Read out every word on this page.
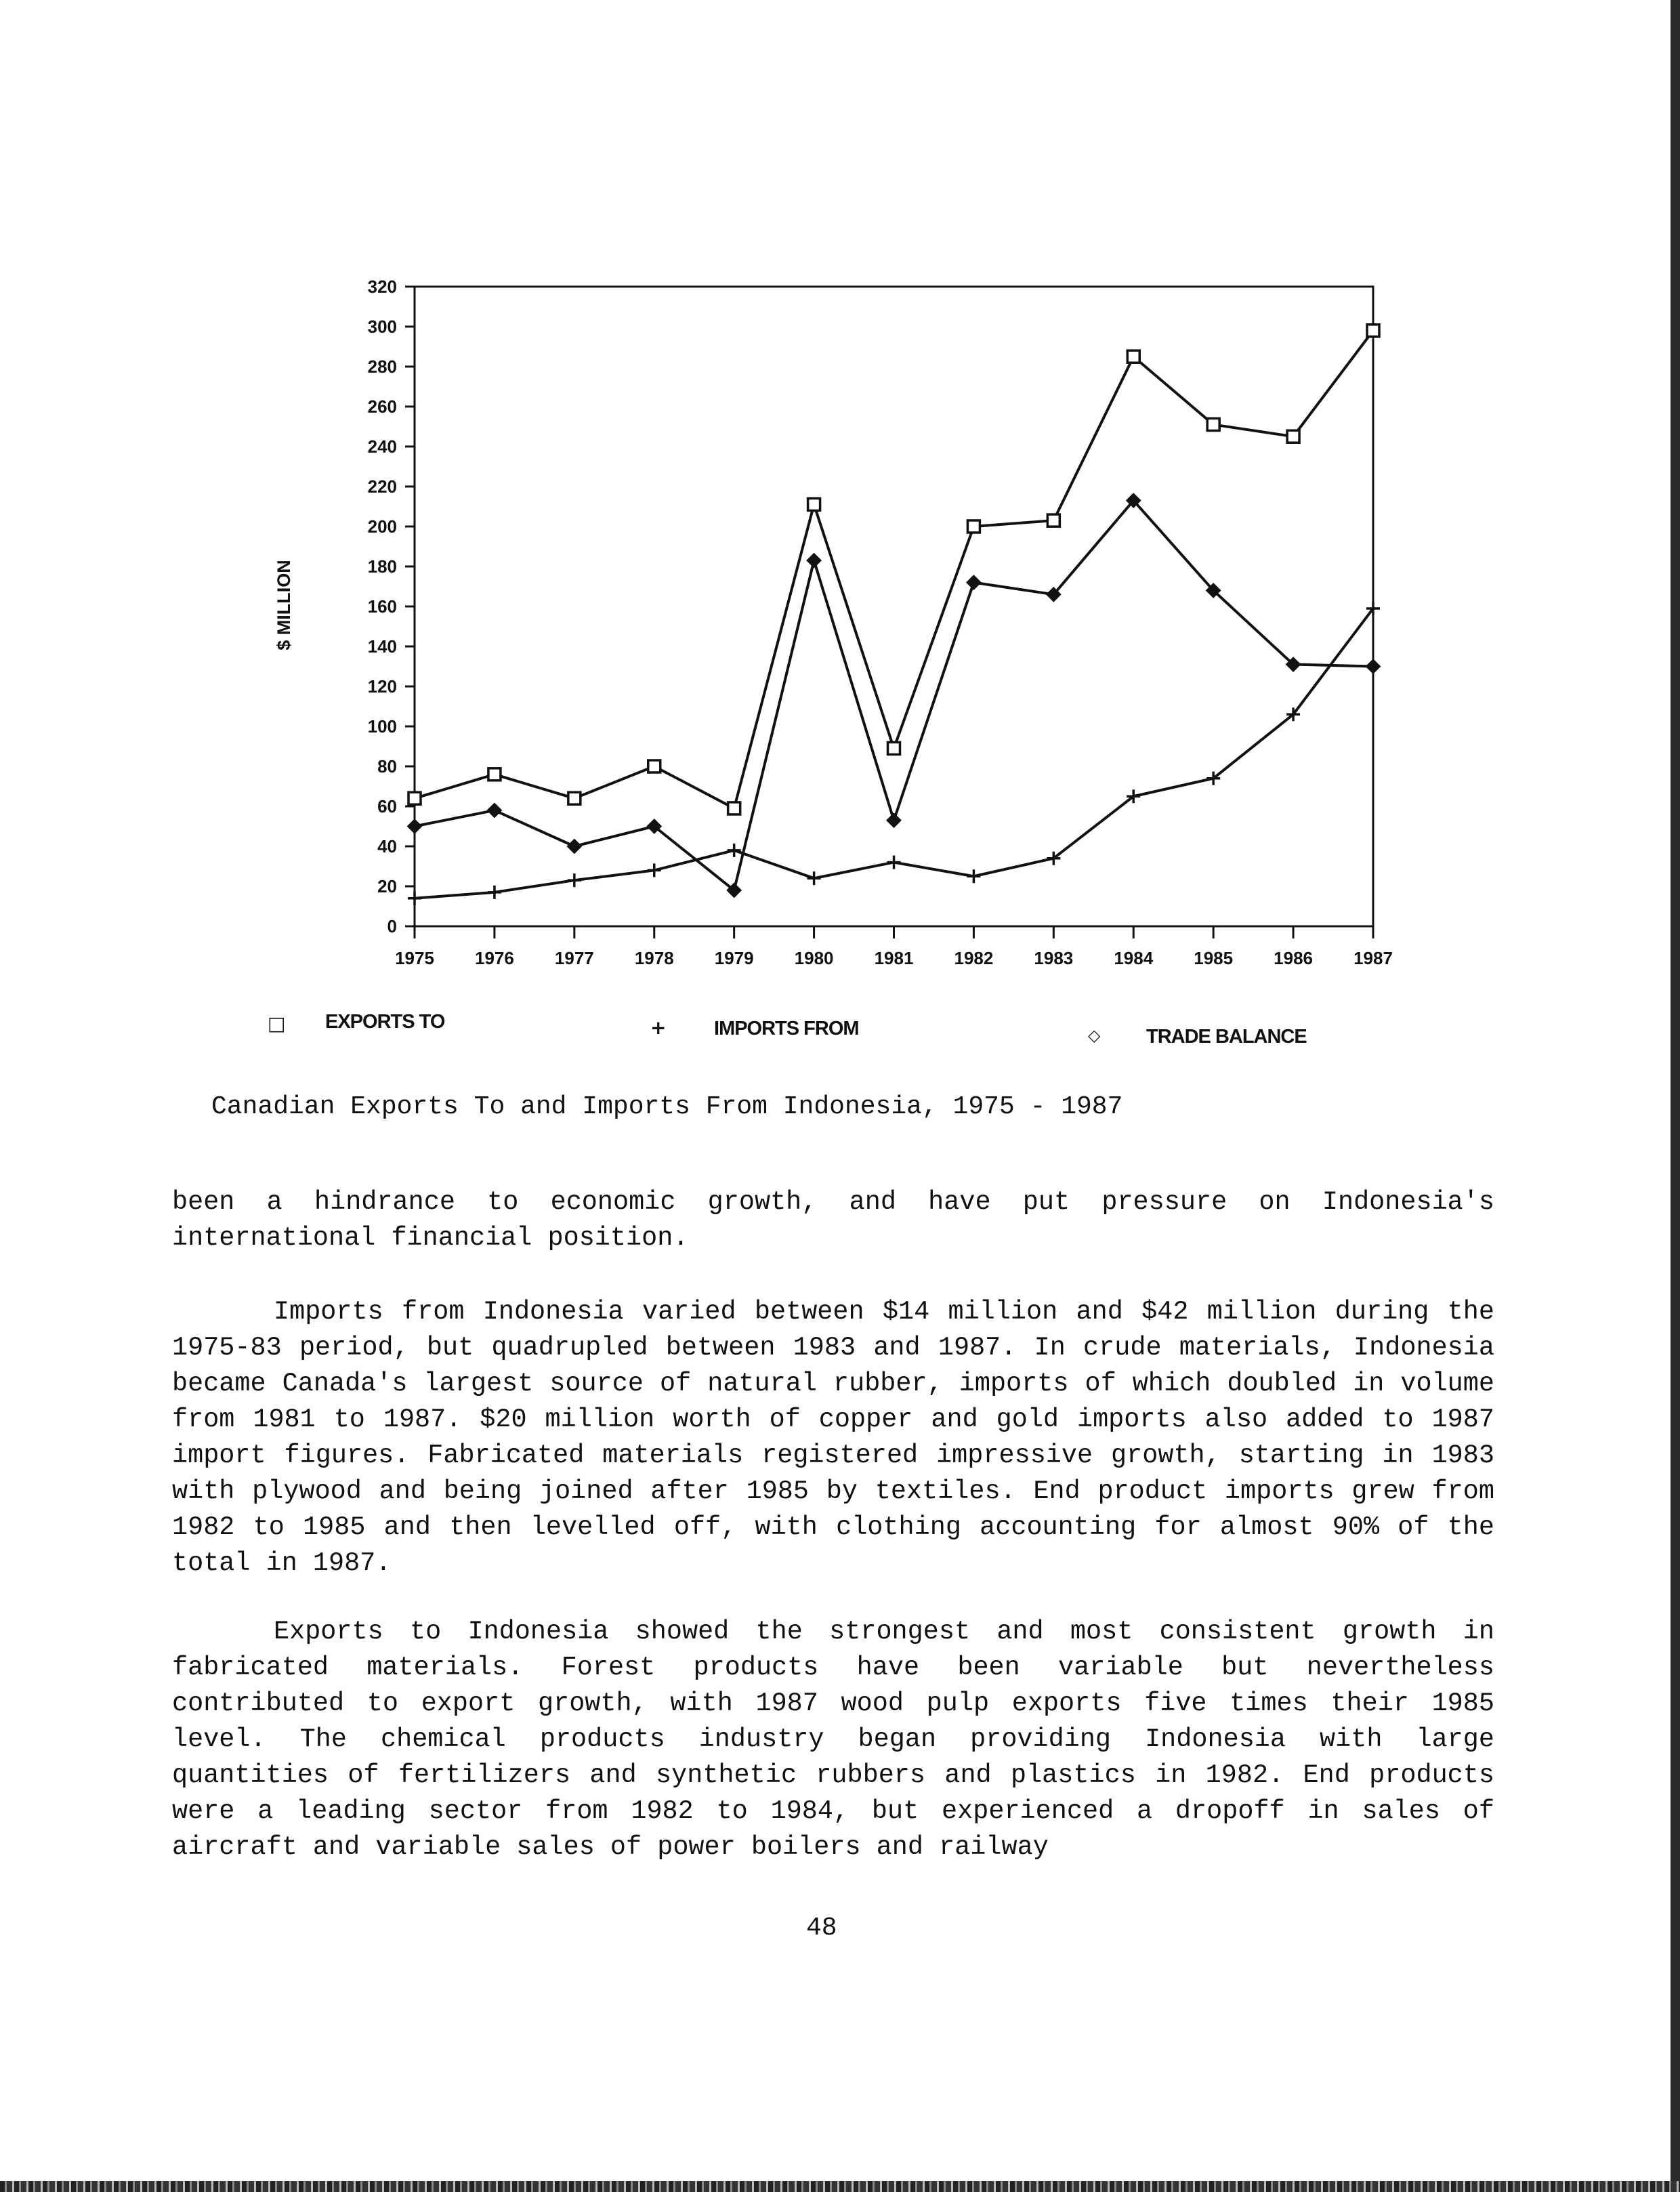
0
20
40
60
80
100
120
140
160
180
200
220
240
260
280
300
320
1975 1976 1977 1978 1979 1980 1981 1982 1983 1984 1985 1986 1987
$ MILLION
□ EXPORTS TO	+ IMPORTS FROM	◇ TRADE BALANCE
Canadian Exports To and Imports From Indonesia, 1975 - 1987

been a hindrance to economic growth, and have put pressure on Indonesia's international financial position.

Imports from Indonesia varied between $14 million and $42 million during the 1975-83 period, but quadrupled between 1983 and 1987. In crude materials, Indonesia became Canada's largest source of natural rubber, imports of which doubled in volume from 1981 to 1987. $20 million worth of copper and gold imports also added to 1987 import figures. Fabricated materials registered impressive growth, starting in 1983 with plywood and being joined after 1985 by textiles. End product imports grew from 1982 to 1985 and then levelled off, with clothing accounting for almost 90% of the total in 1987.

Exports to Indonesia showed the strongest and most consistent growth in fabricated materials. Forest products have been variable but nevertheless contributed to export growth, with 1987 wood pulp exports five times their 1985 level. The chemical products industry began providing Indonesia with large quantities of fertilizers and synthetic rubbers and plastics in 1982. End products were a leading sector from 1982 to 1984, but experienced a dropoff in sales of aircraft and variable sales of power boilers and railway

48
